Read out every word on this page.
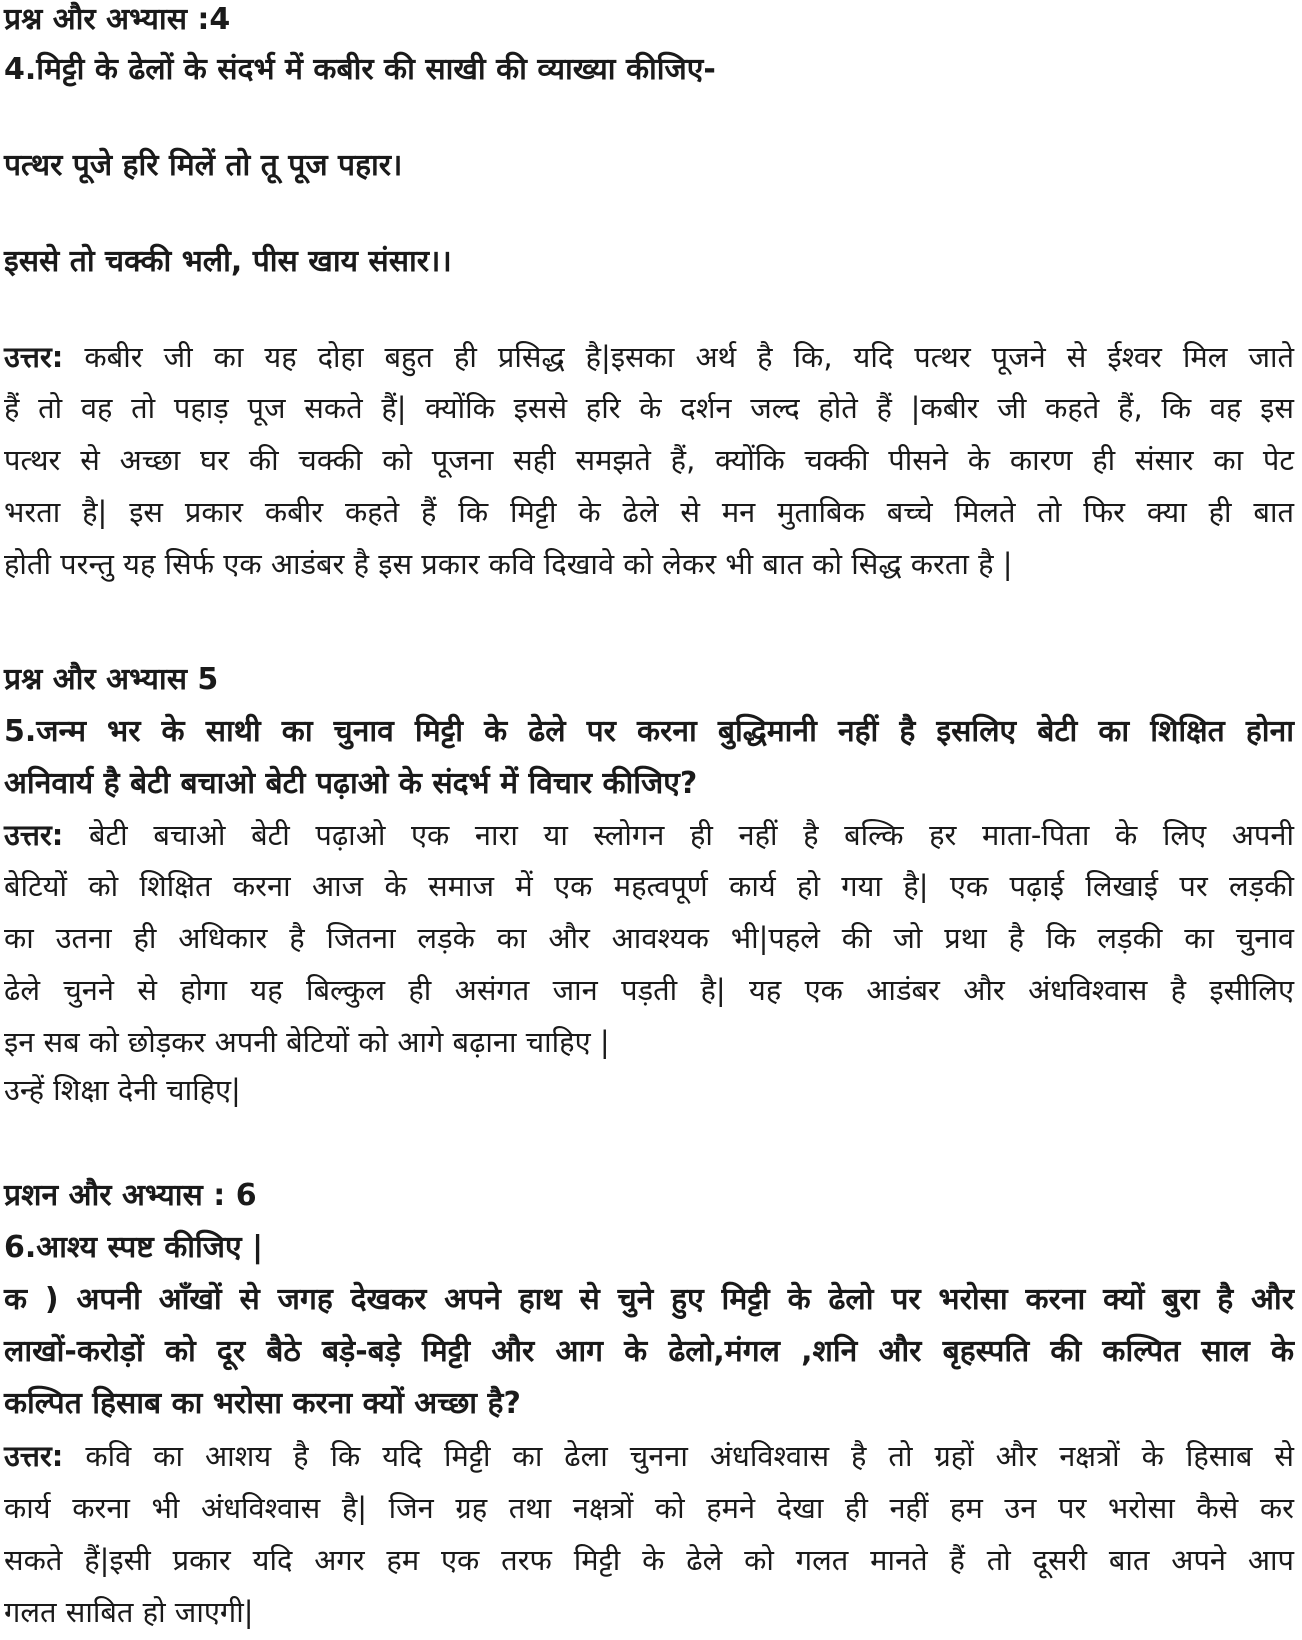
प्रश्न और अभ्यास :4
4.मिट्टी के ढेलों के संदर्भ में कबीर की साखी की व्याख्या कीजिए-
पत्थर पूजे हरि मिलें तो तू पूज पहार।
इससे तो चक्की भली, पीस खाय संसार।।
उत्तर: कबीर जी का यह दोहा बहुत ही प्रसिद्ध है|इसका अर्थ है कि, यदि पत्थर पूजने से ईश्वर मिल जाते
हैं तो वह तो पहाड़ पूज सकते हैं| क्योंकि इससे हरि के दर्शन जल्द होते हैं |कबीर जी कहते हैं, कि वह इस
पत्थर से अच्छा घर की चक्की को पूजना सही समझते हैं, क्योंकि चक्की पीसने के कारण ही संसार का पेट
भरता है| इस प्रकार कबीर कहते हैं कि मिट्टी के ढेले से मन मुताबिक बच्चे मिलते तो फिर क्या ही बात
होती परन्तु यह सिर्फ एक आडंबर है इस प्रकार कवि दिखावे को लेकर भी बात को सिद्ध करता है |
प्रश्न और अभ्यास 5
5.जन्म भर के साथी का चुनाव मिट्टी के ढेले पर करना बुद्धिमानी नहीं है इसलिए बेटी का शिक्षित होना
अनिवार्य है बेटी बचाओ बेटी पढ़ाओ के संदर्भ में विचार कीजिए?
उत्तर: बेटी बचाओ बेटी पढ़ाओ एक नारा या स्लोगन ही नहीं है बल्कि हर माता-पिता के लिए अपनी
बेटियों को शिक्षित करना आज के समाज में एक महत्वपूर्ण कार्य हो गया है| एक पढ़ाई लिखाई पर लड़की
का उतना ही अधिकार है जितना लड़के का और आवश्यक भी|पहले की जो प्रथा है कि लड़की का चुनाव
ढेले चुनने से होगा यह बिल्कुल ही असंगत जान पड़ती है| यह एक आडंबर और अंधविश्वास है इसीलिए
इन सब को छोड़कर अपनी बेटियों को आगे बढ़ाना चाहिए |
उन्हें शिक्षा देनी चाहिए|
प्रशन और अभ्यास : 6
6.आश्य स्पष्ट कीजिए |
क ) अपनी आँखों से जगह देखकर अपने हाथ से चुने हुए मिट्टी के ढेलो पर भरोसा करना क्यों बुरा है और
लाखों-करोड़ों को दूर बैठे बड़े-बड़े मिट्टी और आग के ढेलो,मंगल ,शनि और बृहस्पति की कल्पित साल के
कल्पित हिसाब का भरोसा करना क्यों अच्छा है?
उत्तर: कवि का आशय है कि यदि मिट्टी का ढेला चुनना अंधविश्वास है तो ग्रहों और नक्षत्रों के हिसाब से
कार्य करना भी अंधविश्वास है| जिन ग्रह तथा नक्षत्रों को हमने देखा ही नहीं हम उन पर भरोसा कैसे कर
सकते हैं|इसी प्रकार यदि अगर हम एक तरफ मिट्टी के ढेले को गलत मानते हैं तो दूसरी बात अपने आप
गलत साबित हो जाएगी|
